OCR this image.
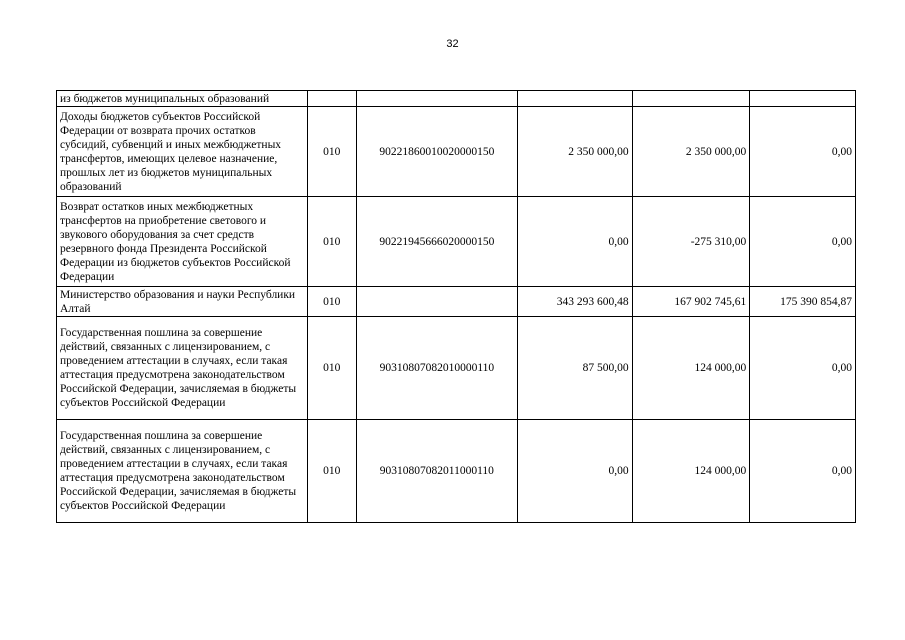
32
из бюджетов муниципальных образований					
Доходы бюджетов субъектов Российской Федерации от возврата прочих остатков субсидий, субвенций и иных межбюджетных трансфертов, имеющих целевое назначение, прошлых лет из бюджетов муниципальных образований	010	90221860010020000150	2 350 000,00	2 350 000,00	0,00
Возврат остатков иных межбюджетных трансфертов на приобретение светового и звукового оборудования за счет средств резервного фонда Президента Российской Федерации из бюджетов субъектов Российской Федерации	010	90221945666020000150	0,00	-275 310,00	0,00
Министерство образования и науки Республики Алтай	010		343 293 600,48	167 902 745,61	175 390 854,87
Государственная пошлина за совершение действий, связанных с лицензированием, с проведением аттестации в случаях, если такая аттестация предусмотрена законодательством Российской Федерации, зачисляемая в бюджеты субъектов Российской Федерации	010	90310807082010000110	87 500,00	124 000,00	0,00
Государственная пошлина за совершение действий, связанных с лицензированием, с проведением аттестации в случаях, если такая аттестация предусмотрена законодательством Российской Федерации, зачисляемая в бюджеты субъектов Российской Федерации	010	90310807082011000110	0,00	124 000,00	0,00
